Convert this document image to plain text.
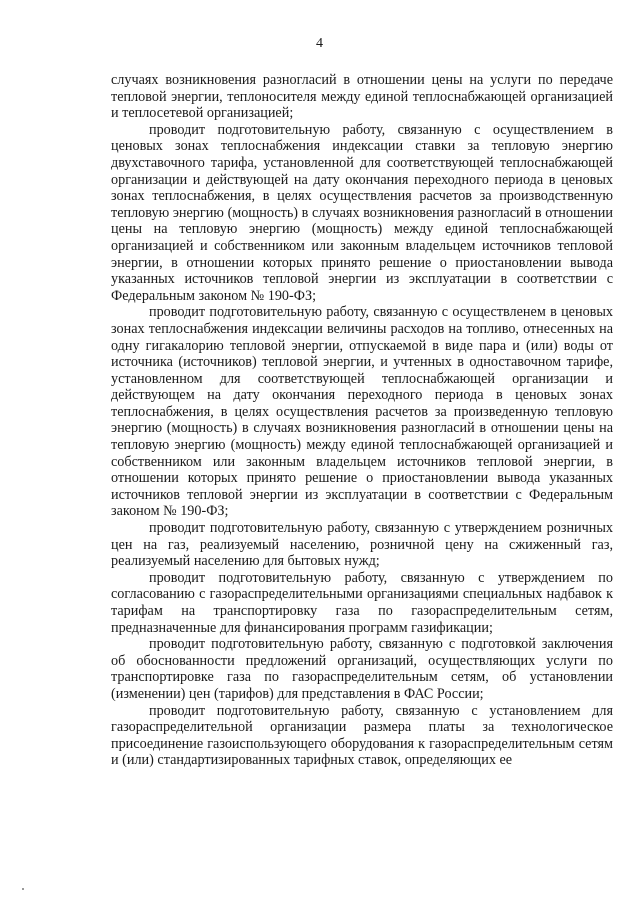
4

случаях возникновения разногласий в отношении цены на услуги по передаче тепловой энергии, теплоносителя между единой теплоснабжающей организацией и теплосетевой организацией;

проводит подготовительную работу, связанную с осуществлением в ценовых зонах теплоснабжения индексации ставки за тепловую энергию двухставочного тарифа, установленной для соответствующей теплоснабжающей организации и действующей на дату окончания переходного периода в ценовых зонах теплоснабжения, в целях осуществления расчетов за производственную тепловую энергию (мощность) в случаях возникновения разногласий в отношении цены на тепловую энергию (мощность) между единой теплоснабжающей организацией и собственником или законным владельцем источников тепловой энергии, в отношении которых принято решение о приостановлении вывода указанных источников тепловой энергии из эксплуатации в соответствии с Федеральным законом № 190-ФЗ;

проводит подготовительную работу, связанную с осуществленем в ценовых зонах теплоснабжения индексации величины расходов на топливо, отнесенных на одну гигакалорию тепловой энергии, отпускаемой в виде пара и (или) воды от источника (источников) тепловой энергии, и учтенных в одноставочном тарифе, установленном для соответствующей теплоснабжающей организации и действующем на дату окончания переходного периода в ценовых зонах теплоснабжения, в целях осуществления расчетов за произведенную тепловую энергию (мощность) в случаях возникновения разногласий в отношении цены на тепловую энергию (мощность) между единой теплоснабжающей организацией и собственником или законным владельцем источников тепловой энергии, в отношении которых принято решение о приостановлении вывода указанных источников тепловой энергии из эксплуатации в соответствии с Федеральным законом № 190-ФЗ;

проводит подготовительную работу, связанную с утверждением розничных цен на газ, реализуемый населению, розничной цену на сжиженный газ, реализуемый населению для бытовых нужд;

проводит подготовительную работу, связанную с утверждением по согласованию с газораспределительными организациями специальных надбавок к тарифам на транспортировку газа по газораспределительным сетям, предназначенные для финансирования программ газификации;

проводит подготовительную работу, связанную с подготовкой заключения об обоснованности предложений организаций, осуществляющих услуги по транспортировке газа по газораспределительным сетям, об установлении (изменении) цен (тарифов) для представления в ФАС России;

проводит подготовительную работу, связанную с установлением для газораспределительной организации размера платы за технологическое присоединение газоиспользующего оборудования к газораспределительным сетям и (или) стандартизированных тарифных ставок, определяющих ее
